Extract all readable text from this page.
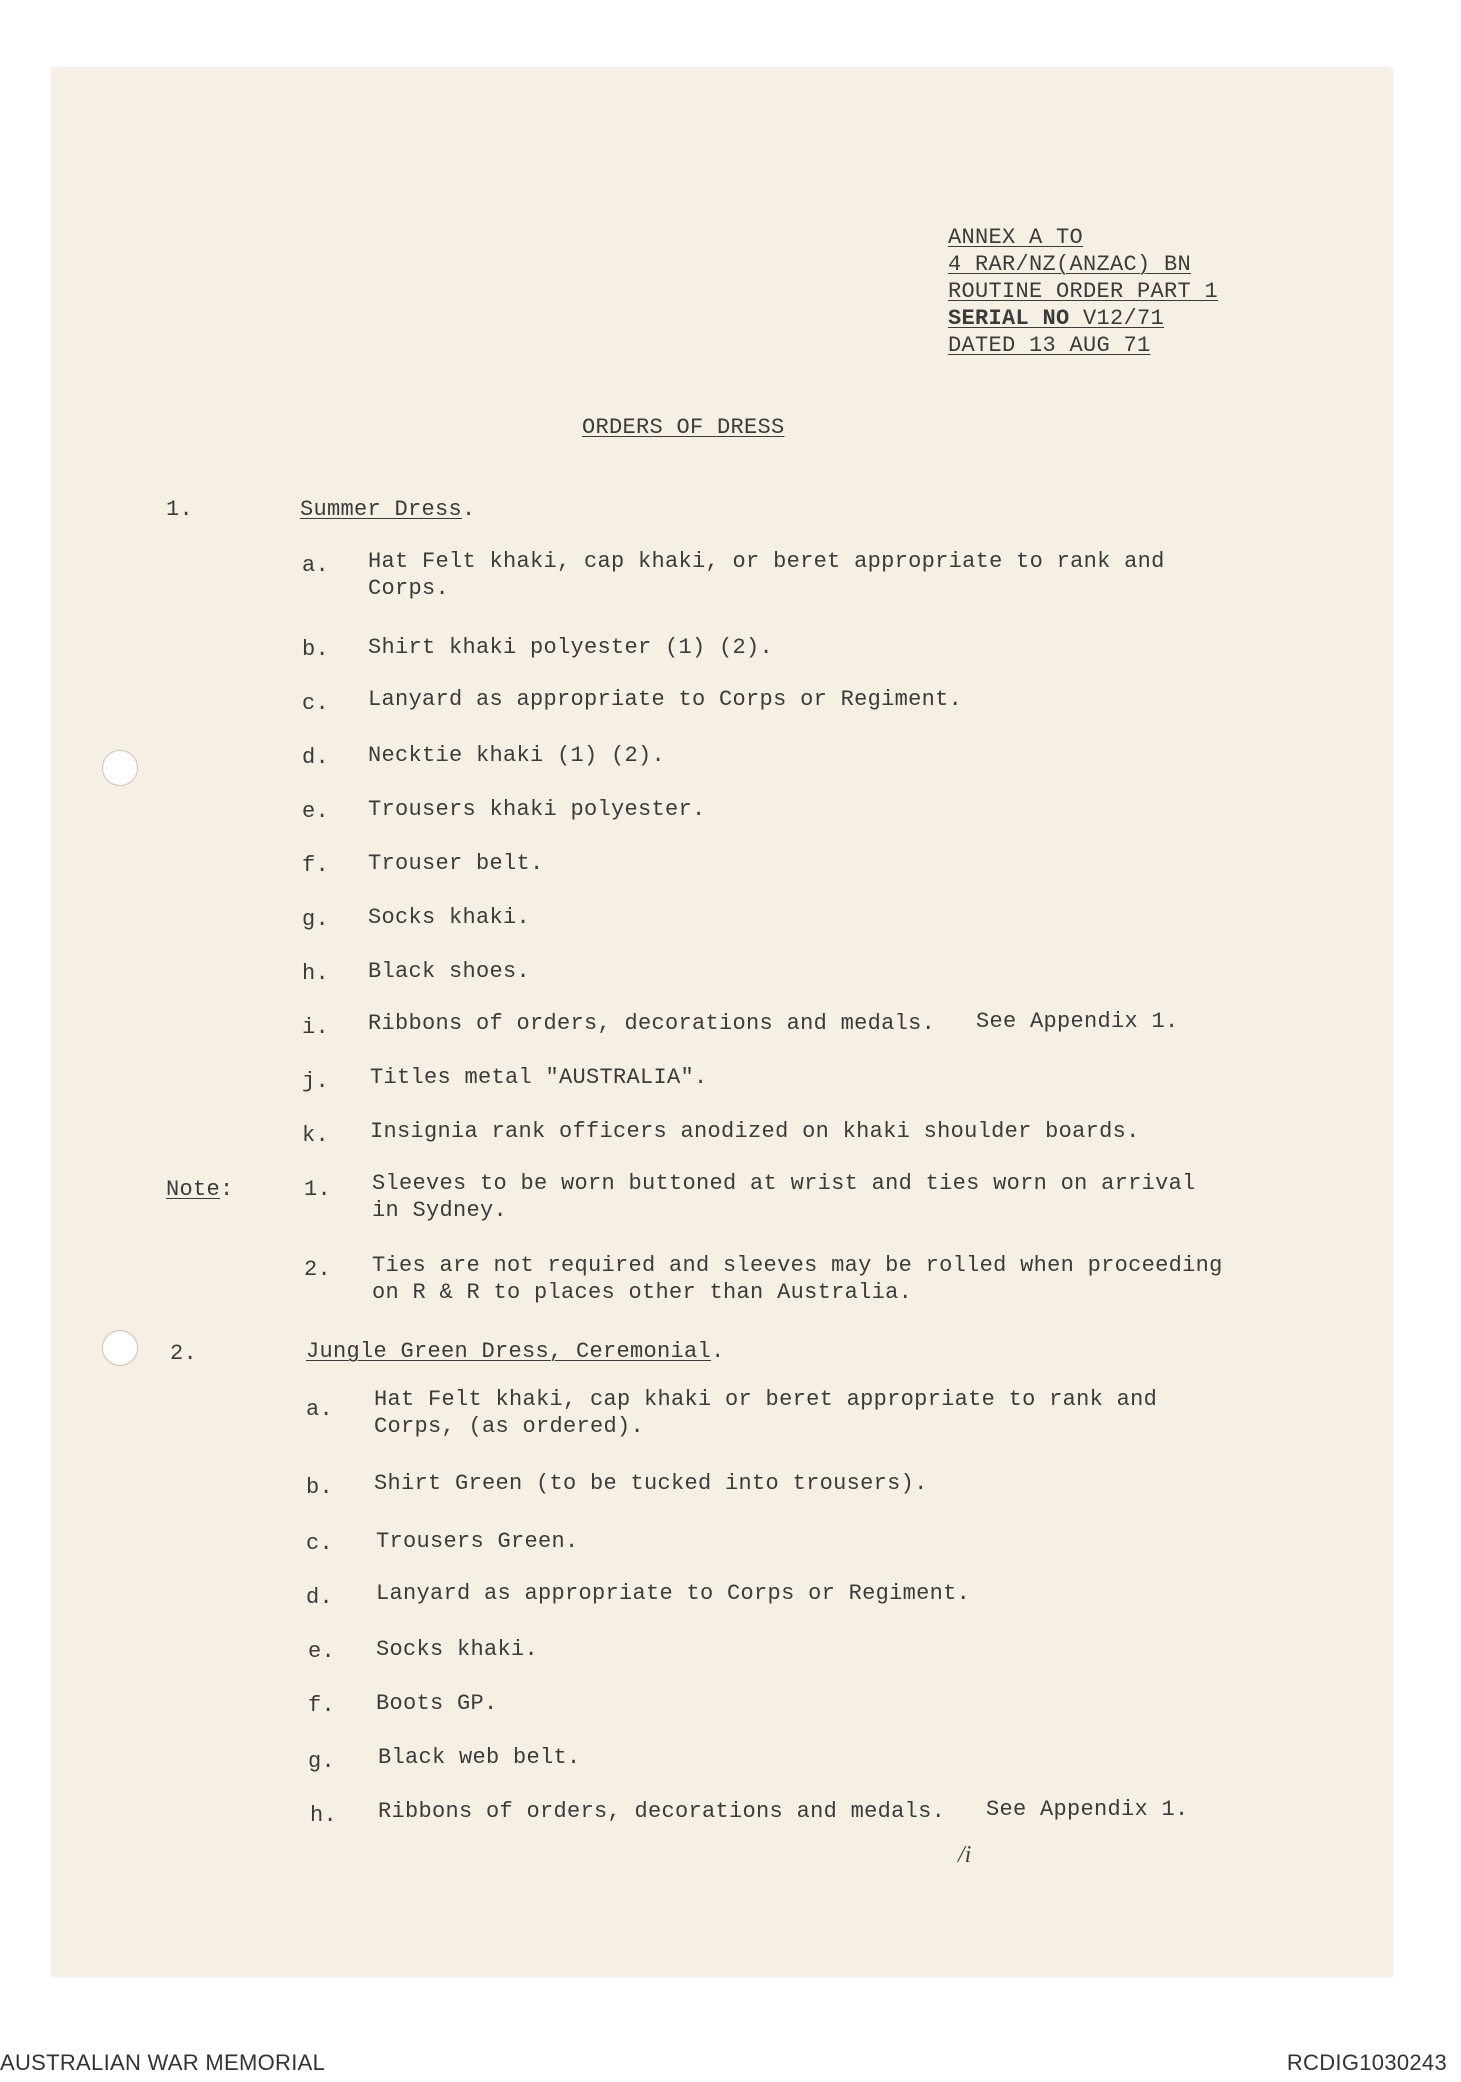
ANNEX A TO
4 RAR/NZ(ANZAC) BN
ROUTINE ORDER PART 1
SERIAL NO V12/71
DATED 13 AUG 71
ORDERS OF DRESS
1.	Summer Dress.
a.	Hat Felt khaki, cap khaki, or beret appropriate to rank and Corps.
b.	Shirt khaki polyester (1) (2).
c.	Lanyard as appropriate to Corps or Regiment.
d.	Necktie khaki (1) (2).
e.	Trousers khaki polyester.
f.	Trouser belt.
g.	Socks khaki.
h.	Black shoes.
i.	Ribbons of orders, decorations and medals. See Appendix 1.
j.	Titles metal "AUSTRALIA".
k.	Insignia rank officers anodized on khaki shoulder boards.
Note:	1.	Sleeves to be worn buttoned at wrist and ties worn on arrival in Sydney.
2.	Ties are not required and sleeves may be rolled when proceeding on R & R to places other than Australia.
2.	Jungle Green Dress, Ceremonial.
a.	Hat Felt khaki, cap khaki or beret appropriate to rank and Corps, (as ordered).
b.	Shirt Green (to be tucked into trousers).
c.	Trousers Green.
d.	Lanyard as appropriate to Corps or Regiment.
e.	Socks khaki.
f.	Boots GP.
g.	Black web belt.
h.	Ribbons of orders, decorations and medals. See Appendix 1.
/i
AUSTRALIAN WAR MEMORIAL	RCDIG1030243
